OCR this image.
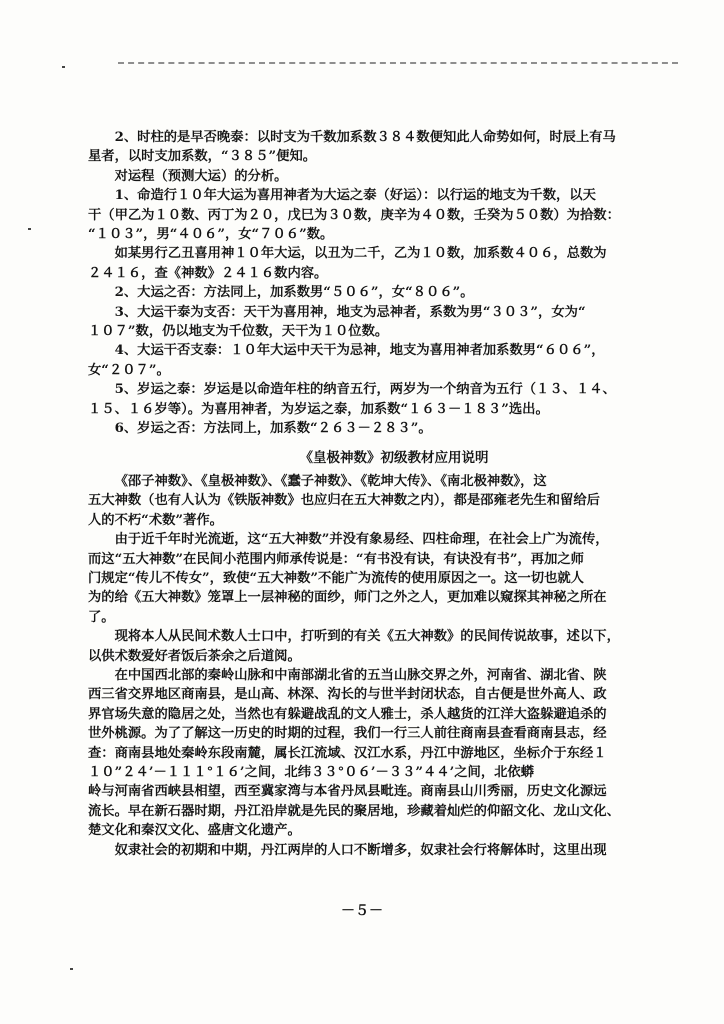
2、时柱的是早否晚泰：以时支为千数加系数３８４数便知此人命势如何，时辰上有马
星者，以时支加系数，“３８５”便知。
对运程（预测大运）的分析。
1、命造行１０年大运为喜用神者为大运之泰（好运）：以行运的地支为千数，以天
干（甲乙为１０数、丙丁为２０，戊巳为３０数，庚辛为４０数，壬癸为５０数）为拾数：
“１０３”，男“４０６”，女“７０６”数。
如某男行乙丑喜用神１０年大运，以丑为二千，乙为１０数，加系数４０６，总数为
２４１６，查《神数》２４１６数内容。
2、大运之否：方法同上，加系数男“５０６”，女“８０６”。
3、大运干泰为支否：天干为喜用神，地支为忌神者，系数为男“３０３”，女为“
１０７”数，仍以地支为千位数，天干为１０位数。
4、大运干否支泰：１０年大运中天干为忌神，地支为喜用神者加系数男“６０６”，
女“２０７”。
5、岁运之泰：岁运是以命造年柱的纳音五行，两岁为一个纳音为五行（１３、１４、
１５、１６岁等）。为喜用神者，为岁运之泰，加系数“１６３－１８３”选出。
6、岁运之否：方法同上，加系数“２６３－２８３”。
《皇极神数》初级教材应用说明
《邵子神数》、《皇极神数》、《蠢子神数》、《乾坤大传》、《南北极神数》，这
五大神数（也有人认为《铁版神数》也应归在五大神数之内），都是邵雍老先生和留给后
人的不朽“术数”著作。
由于近千年时光流逝，这“五大神数”并没有象易经、四柱命理，在社会上广为流传，
而这“五大神数”在民间小范围内师承传说是：“有书没有诀，有诀没有书”，再加之师
门规定“传儿不传女”，致使“五大神数”不能广为流传的使用原因之一。这一切也就人
为的给《五大神数》笼罩上一层神秘的面纱，师门之外之人，更加难以窥探其神秘之所在
了。
现将本人从民间术数人士口中，打听到的有关《五大神数》的民间传说故事，述以下，
以供术数爱好者饭后茶余之后道阅。
在中国西北部的秦岭山脉和中南部湖北省的五当山脉交界之外，河南省、湖北省、陕
西三省交界地区商南县，是山高、林深、沟长的与世半封闭状态，自古便是世外高人、政
界官场失意的隐居之处，当然也有躲避战乱的文人雅士，杀人越货的江洋大盗躲避追杀的
世外桃源。为了了解这一历史的时期的过程，我们一行三人前往商南县查看商南县志，经
查：商南县地处秦岭东段南麓，属长江流域、汉江水系，丹江中游地区，坐标介于东经１
１０”２４’－１１１°１６’之间，北纬３３°０６’－３３”４４’之间，北依蟒
岭与河南省西峡县相望，西至冀家湾与本省丹凤县毗连。商南县山川秀丽，历史文化源远
流长。早在新石器时期，丹江沿岸就是先民的聚居地，珍藏着灿烂的仰韶文化、龙山文化、
楚文化和秦汉文化、盛唐文化遗产。
奴隶社会的初期和中期，丹江两岸的人口不断增多，奴隶社会行将解体时，这里出现
－５－
